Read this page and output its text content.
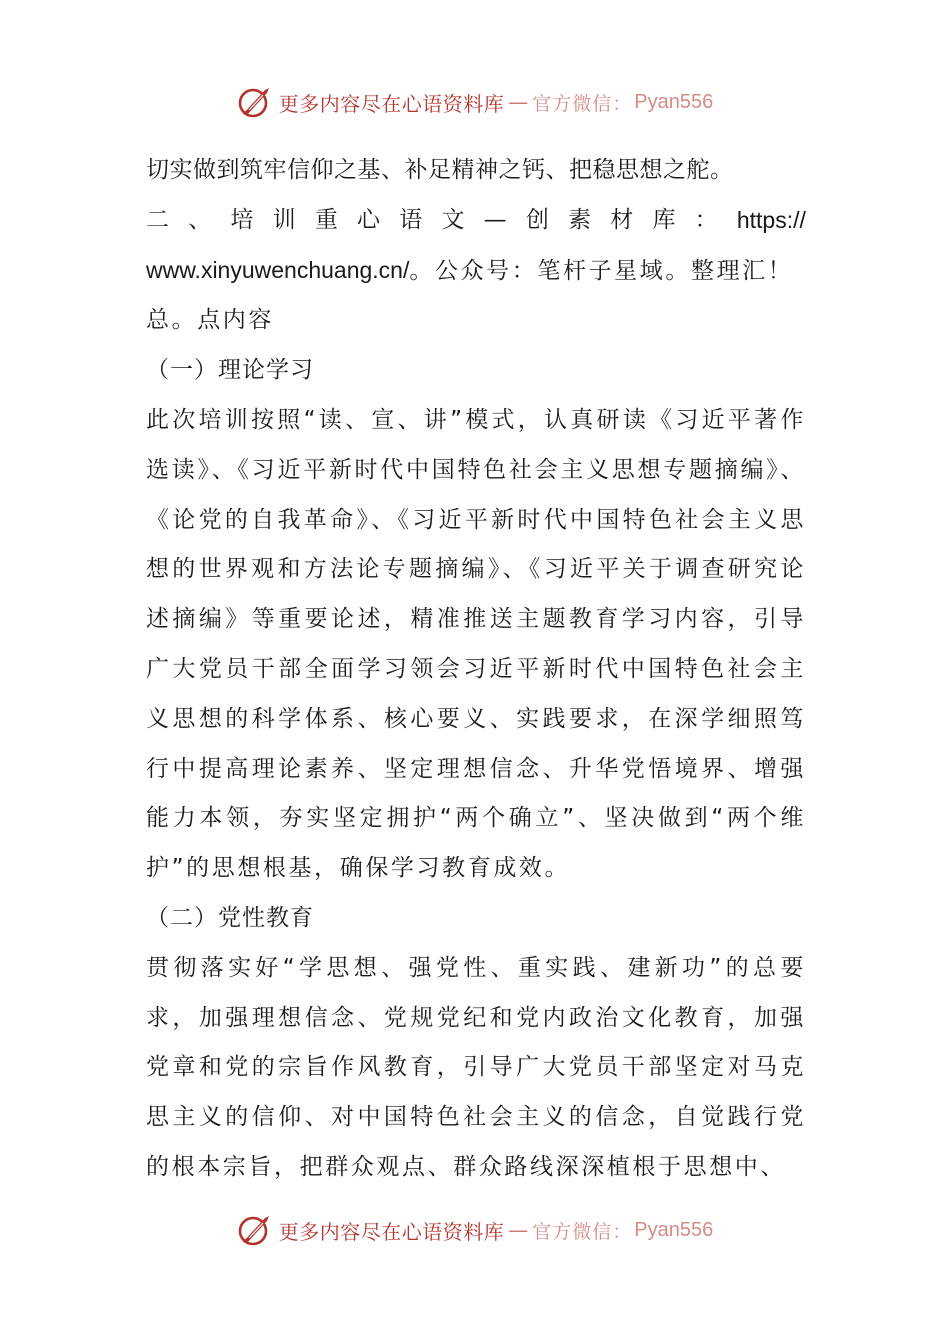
更多内容尽在心语资料库 — 官方微信： Pyan556

切实做到筑牢信仰之基、补足精神之钙、把稳思想之舵。

二 、 培 训 重 心 语 文 — 创 素 材 库 ： https://

www.xinyuwenchuang.cn/。公众号：笔杆子星域。整理汇！

总。点内容

（一）理论学习

此次培训按照“读、宣、讲”模式，认真研读《习近平著作选读》、《习近平新时代中国特色社会主义思想专题摘编》、《论党的自我革命》、《习近平新时代中国特色社会主义思想的世界观和方法论专题摘编》、《习近平关于调查研究论述摘编》等重要论述，精准推送主题教育学习内容，引导广大党员干部全面学习领会习近平新时代中国特色社会主义思想的科学体系、核心要义、实践要求，在深学细照笃行中提高理论素养、坚定理想信念、升华党悟境界、增强能力本领，夯实坚定拥护“两个确立”、坚决做到“两个维护”的思想根基，确保学习教育成效。

（二）党性教育

贯彻落实好“学思想、强党性、重实践、建新功”的总要求，加强理想信念、党规党纪和党内政治文化教育，加强党章和党的宗旨作风教育，引导广大党员干部坚定对马克思主义的信仰、对中国特色社会主义的信念，自觉践行党的根本宗旨，把群众观点、群众路线深深植根于思想中、

更多内容尽在心语资料库 — 官方微信： Pyan556
